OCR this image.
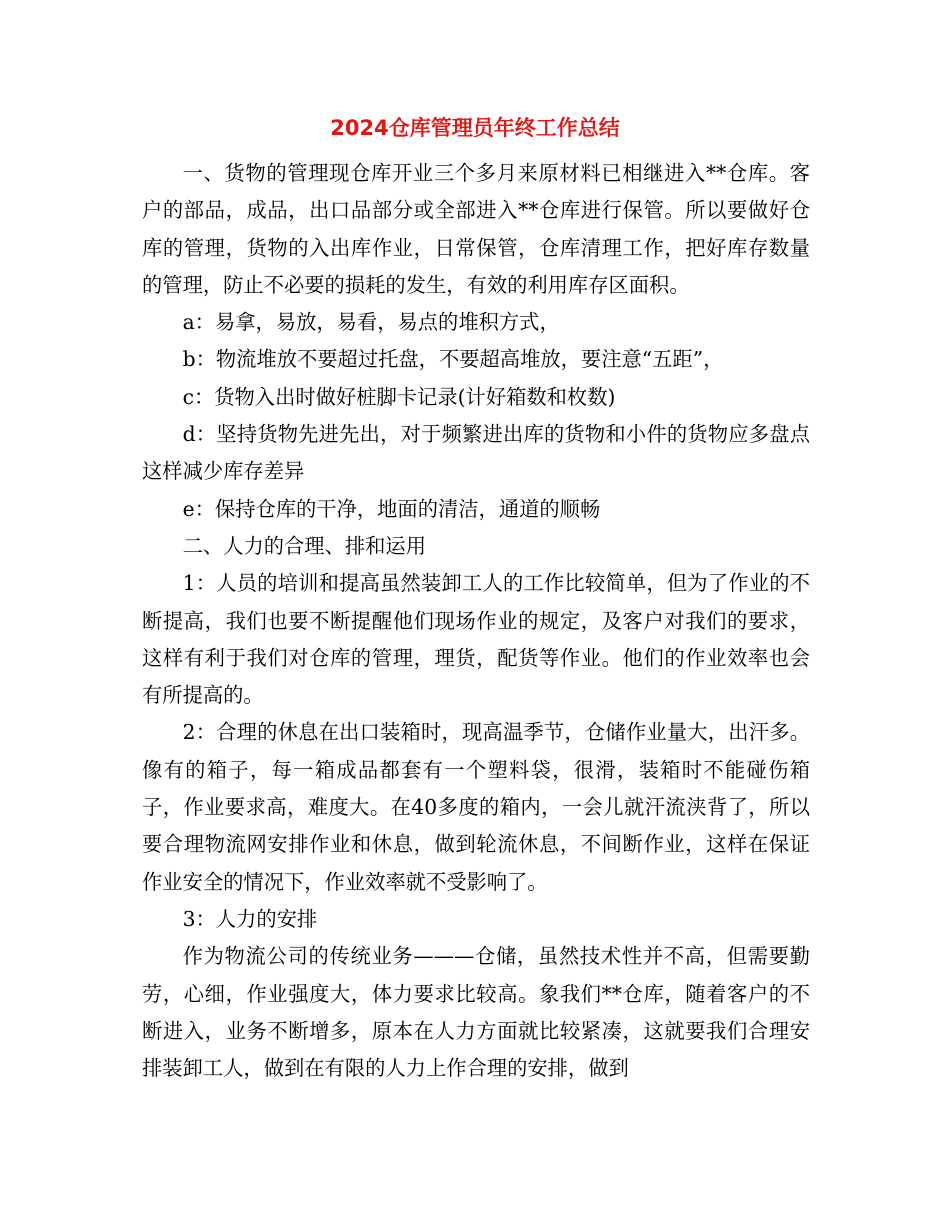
2024仓库管理员年终工作总结

一、货物的管理现仓库开业三个多月来原材料已相继进入**仓库。客户的部品，成品，出口品部分或全部进入**仓库进行保管。所以要做好仓库的管理，货物的入出库作业，日常保管，仓库清理工作，把好库存数量的管理，防止不必要的损耗的发生，有效的利用库存区面积。

a：易拿，易放，易看，易点的堆积方式，

b：物流堆放不要超过托盘，不要超高堆放，要注意“五距”，

c：货物入出时做好桩脚卡记录(计好箱数和枚数)

d：坚持货物先进先出，对于频繁进出库的货物和小件的货物应多盘点这样减少库存差异

e：保持仓库的干净，地面的清洁，通道的顺畅

二、人力的合理、排和运用

1：人员的培训和提高虽然装卸工人的工作比较简单，但为了作业的不断提高，我们也要不断提醒他们现场作业的规定，及客户对我们的要求，这样有利于我们对仓库的管理，理货，配货等作业。他们的作业效率也会有所提高的。

2：合理的休息在出口装箱时，现高温季节，仓储作业量大，出汗多。像有的箱子，每一箱成品都套有一个塑料袋，很滑，装箱时不能碰伤箱子，作业要求高，难度大。在40多度的箱内，一会儿就汗流浃背了，所以要合理物流网安排作业和休息，做到轮流休息，不间断作业，这样在保证作业安全的情况下，作业效率就不受影响了。

3：人力的安排

作为物流公司的传统业务———仓储，虽然技术性并不高，但需要勤劳，心细，作业强度大，体力要求比较高。象我们**仓库，随着客户的不断进入，业务不断增多，原本在人力方面就比较紧凑，这就要我们合理安排装卸工人，做到在有限的人力上作合理的安排，做到
